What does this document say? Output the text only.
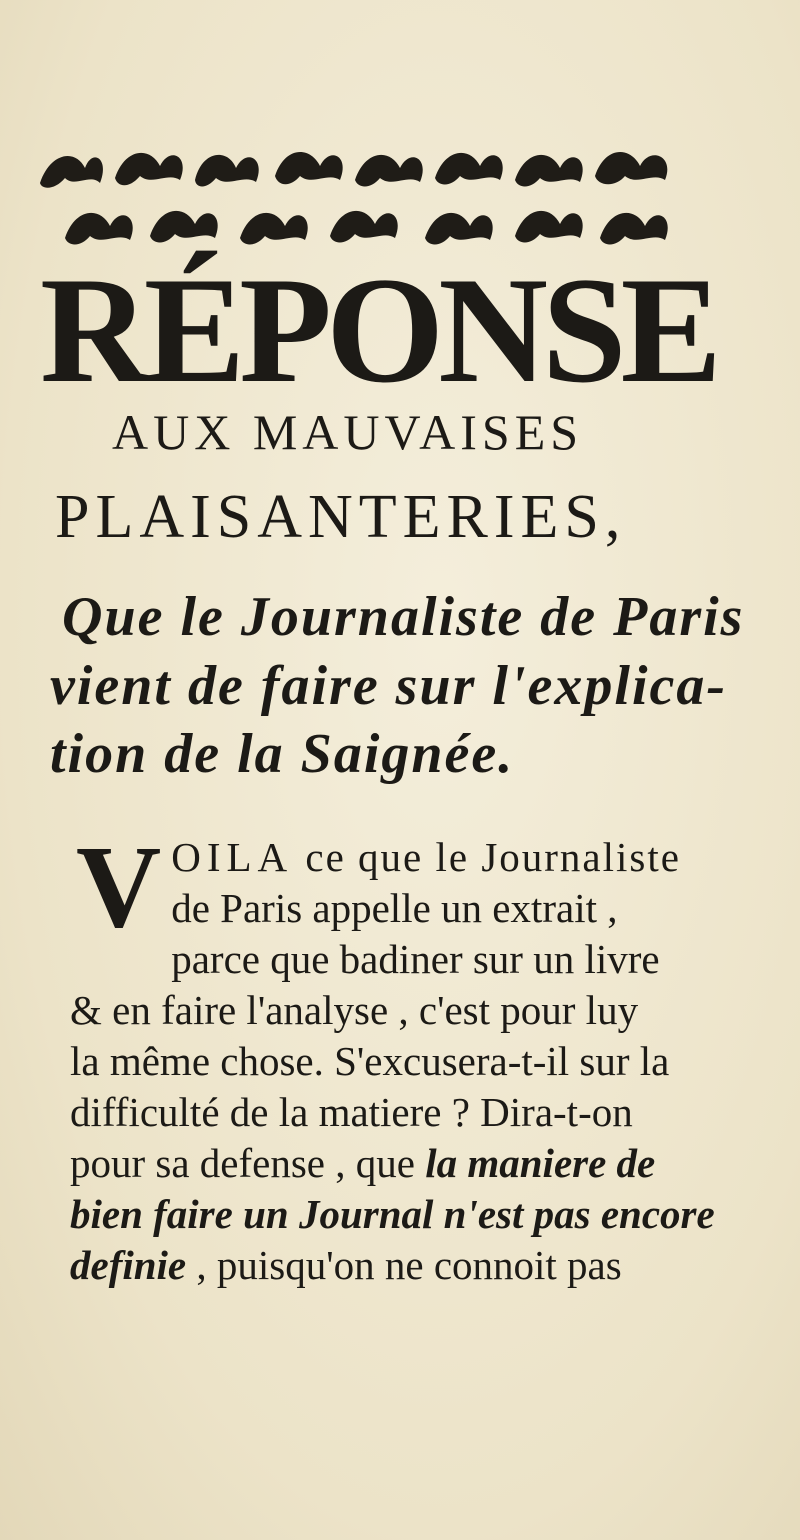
RÉPONSE
AUX MAUVAISES
PLAISANTERIES,
Que le Journaliste de Paris
vient de faire sur l'explica-
tion de la Saignée.
V OILA ce que le Journaliste
de Paris appelle un extrait ,
parce que badiner sur un livre
& en faire l'analyse , c'est pour luy
la même chose. S'excusera-t-il sur la
difficulté de la matiere ? Dira-t-on
pour sa defense , que la maniere de
bien faire un Journal n'est pas encore
definie , puisqu'on ne connoit pas
